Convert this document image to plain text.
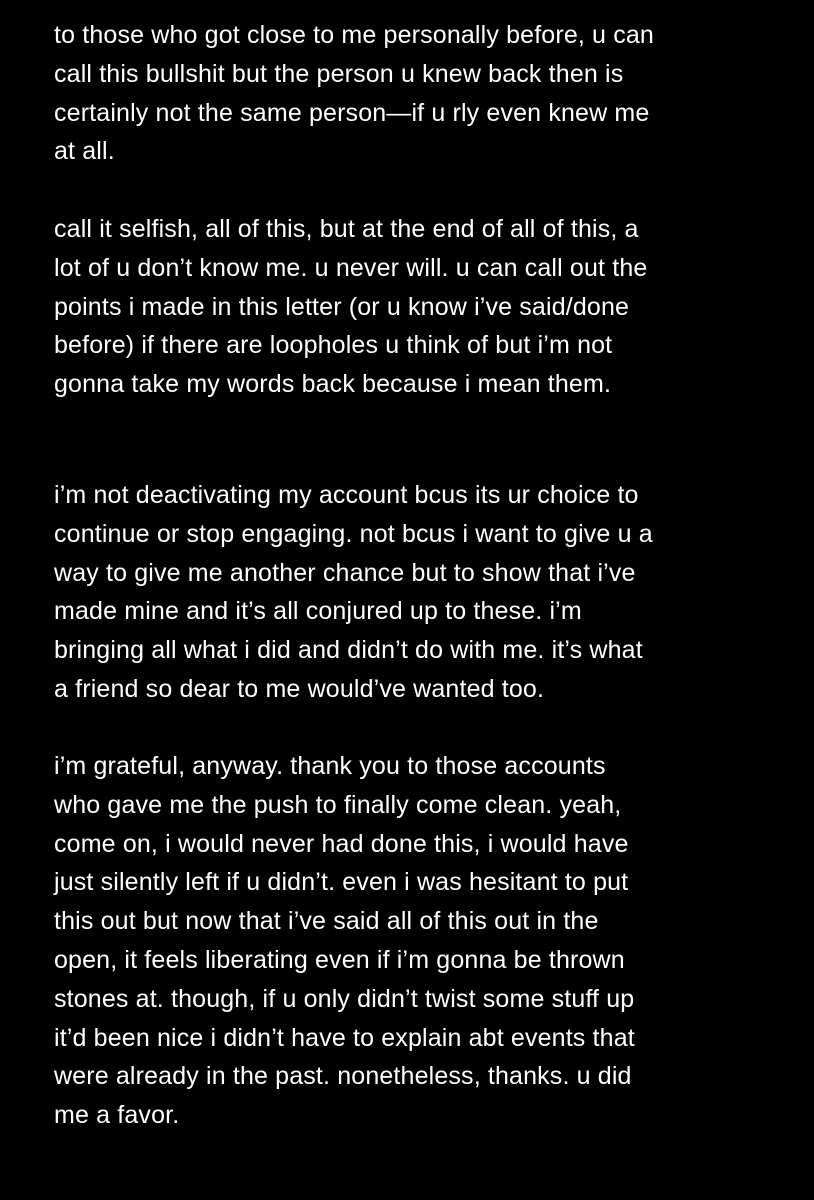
to those who got close to me personally before, u can
call this bullshit but the person u knew back then is
certainly not the same person—if u rly even knew me
at all.
call it selfish, all of this, but at the end of all of this, a
lot of u don’t know me. u never will. u can call out the
points i made in this letter (or u know i’ve said/done
before) if there are loopholes u think of but i’m not
gonna take my words back because i mean them.
i’m not deactivating my account bcus its ur choice to
continue or stop engaging. not bcus i want to give u a
way to give me another chance but to show that i’ve
made mine and it’s all conjured up to these. i’m
bringing all what i did and didn’t do with me. it’s what
a friend so dear to me would’ve wanted too.
i’m grateful, anyway. thank you to those accounts
who gave me the push to finally come clean. yeah,
come on, i would never had done this, i would have
just silently left if u didn’t. even i was hesitant to put
this out but now that i’ve said all of this out in the
open, it feels liberating even if i’m gonna be thrown
stones at. though, if u only didn’t twist some stuff up
it’d been nice i didn’t have to explain abt events that
were already in the past. nonetheless, thanks. u did
me a favor.
